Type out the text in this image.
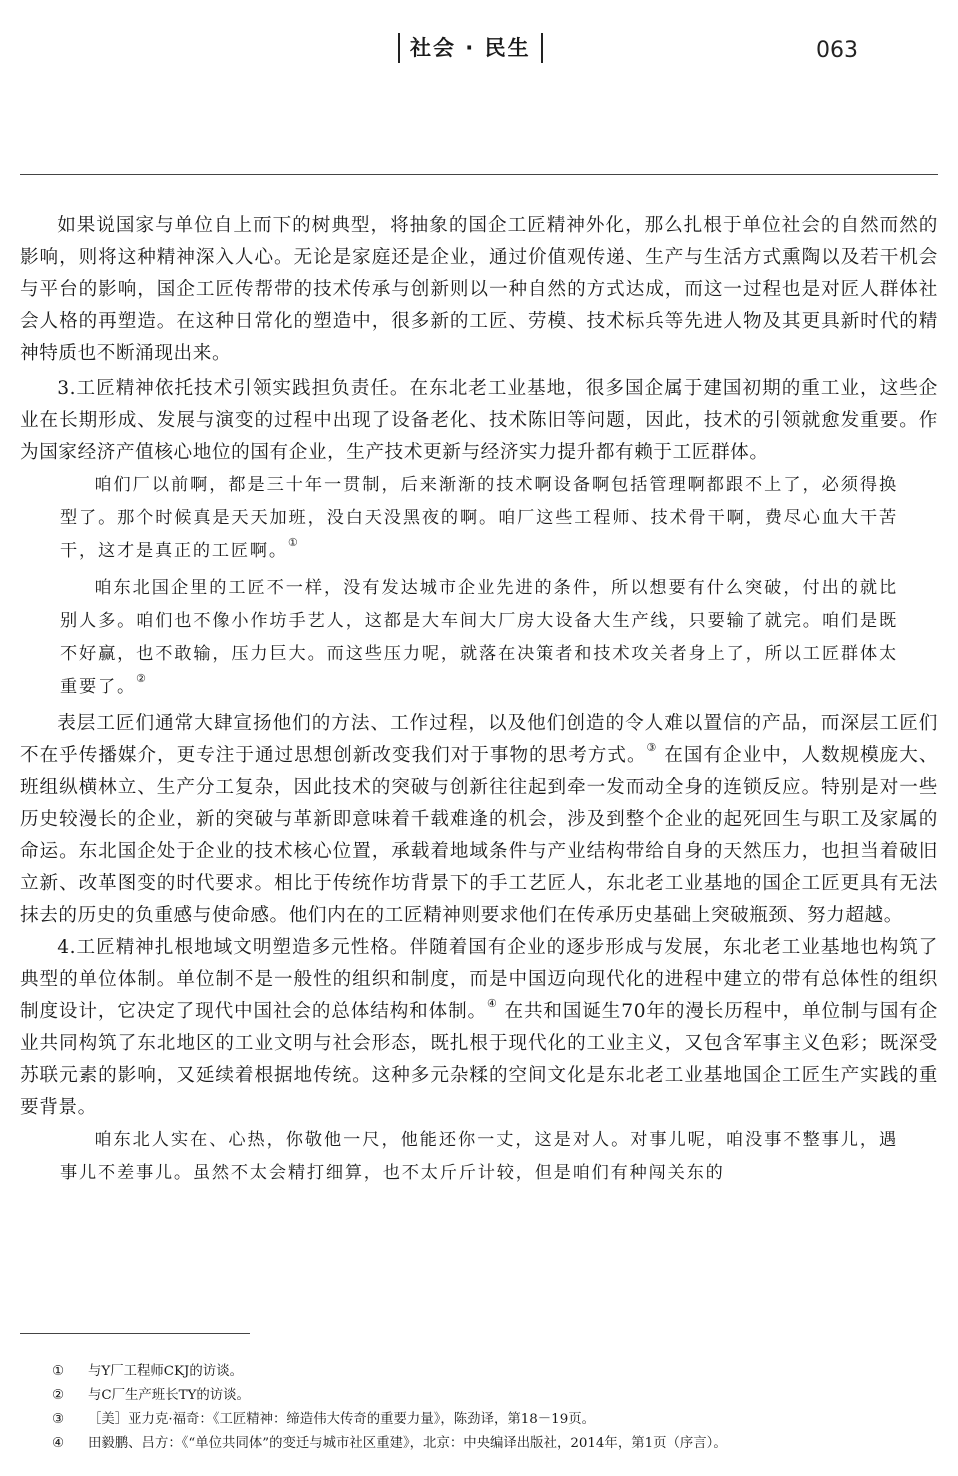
社会 · 民生	063

如果说国家与单位自上而下的树典型，将抽象的国企工匠精神外化，那么扎根于单位社会的自然而然的影响，则将这种精神深入人心。无论是家庭还是企业，通过价值观传递、生产与生活方式熏陶以及若干机会与平台的影响，国企工匠传帮带的技术传承与创新则以一种自然的方式达成，而这一过程也是对匠人群体社会人格的再塑造。在这种日常化的塑造中，很多新的工匠、劳模、技术标兵等先进人物及其更具新时代的精神特质也不断涌现出来。

3.工匠精神依托技术引领实践担负责任。在东北老工业基地，很多国企属于建国初期的重工业，这些企业在长期形成、发展与演变的过程中出现了设备老化、技术陈旧等问题，因此，技术的引领就愈发重要。作为国家经济产值核心地位的国有企业，生产技术更新与经济实力提升都有赖于工匠群体。

咱们厂以前啊，都是三十年一贯制，后来渐渐的技术啊设备啊包括管理啊都跟不上了，必须得换型了。那个时候真是天天加班，没白天没黑夜的啊。咱厂这些工程师、技术骨干啊，费尽心血大干苦干，这才是真正的工匠啊。①

咱东北国企里的工匠不一样，没有发达城市企业先进的条件，所以想要有什么突破，付出的就比别人多。咱们也不像小作坊手艺人，这都是大车间大厂房大设备大生产线，只要输了就完。咱们是既不好赢，也不敢输，压力巨大。而这些压力呢，就落在决策者和技术攻关者身上了，所以工匠群体太重要了。②

表层工匠们通常大肆宣扬他们的方法、工作过程，以及他们创造的令人难以置信的产品，而深层工匠们不在乎传播媒介，更专注于通过思想创新改变我们对于事物的思考方式。③ 在国有企业中，人数规模庞大、班组纵横林立、生产分工复杂，因此技术的突破与创新往往起到牵一发而动全身的连锁反应。特别是对一些历史较漫长的企业，新的突破与革新即意味着千载难逢的机会，涉及到整个企业的起死回生与职工及家属的命运。东北国企处于企业的技术核心位置，承载着地域条件与产业结构带给自身的天然压力，也担当着破旧立新、改革图变的时代要求。相比于传统作坊背景下的手工艺匠人，东北老工业基地的国企工匠更具有无法抹去的历史的负重感与使命感。他们内在的工匠精神则要求他们在传承历史基础上突破瓶颈、努力超越。

4.工匠精神扎根地域文明塑造多元性格。伴随着国有企业的逐步形成与发展，东北老工业基地也构筑了典型的单位体制。单位制不是一般性的组织和制度，而是中国迈向现代化的进程中建立的带有总体性的组织制度设计，它决定了现代中国社会的总体结构和体制。④ 在共和国诞生70年的漫长历程中，单位制与国有企业共同构筑了东北地区的工业文明与社会形态，既扎根于现代化的工业主义，又包含军事主义色彩；既深受苏联元素的影响，又延续着根据地传统。这种多元杂糅的空间文化是东北老工业基地国企工匠生产实践的重要背景。

咱东北人实在、心热，你敬他一尺，他能还你一丈，这是对人。对事儿呢，咱没事不整事儿，遇事儿不差事儿。虽然不太会精打细算，也不太斤斤计较，但是咱们有种闯关东的

① 与Y厂工程师CKJ的访谈。
② 与C厂生产班长TY的访谈。
③ ［美］亚力克·福奇：《工匠精神：缔造伟大传奇的重要力量》，陈劲译，第18－19页。
④ 田毅鹏、吕方：《“单位共同体”的变迁与城市社区重建》，北京：中央编译出版社，2014年，第1页（序言）。
